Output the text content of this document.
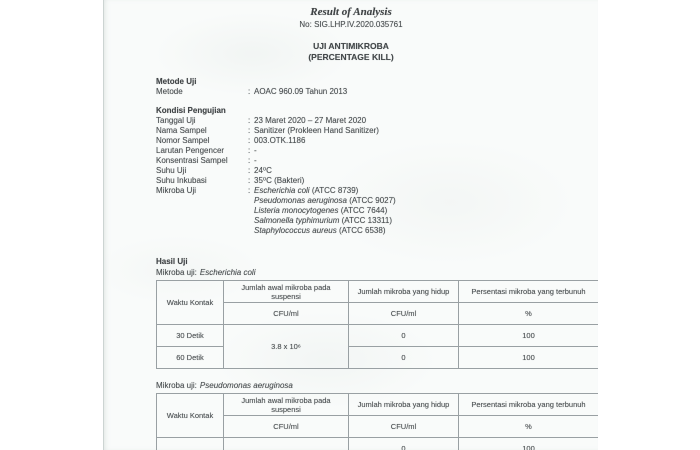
Result of Analysis
No: SIG.LHP.IV.2020.035761
UJI ANTIMIKROBA
(PERCENTAGE KILL)
Metode Uji
Metode	: AOAC 960.09 Tahun 2013
Kondisi Pengujian
Tanggal Uji	: 23 Maret 2020 – 27 Maret 2020
Nama Sampel	: Sanitizer (Prokleen Hand Sanitizer)
Nomor Sampel	: 003.OTK.1186
Larutan Pengencer	: -
Konsentrasi Sampel	: -
Suhu Uji	: 24⁰C
Suhu Inkubasi	: 35⁰C (Bakteri)
Mikroba Uji	: Escherichia coli (ATCC 8739)
Pseudomonas aeruginosa (ATCC 9027)
Listeria monocytogenes (ATCC 7644)
Salmonella typhimurium (ATCC 13311)
Staphylococcus aureus (ATCC 6538)
Hasil Uji
Mikroba uji: Escherichia coli
Waktu Kontak	Jumlah awal mikroba pada suspensi	Jumlah mikroba yang hidup	Persentasi mikroba yang terbunuh
	CFU/ml	CFU/ml	%
30 Detik	3.8 x 10⁶	0	100
60 Detik		0	100
Mikroba uji: Pseudomonas aeruginosa
Waktu Kontak	Jumlah awal mikroba pada suspensi	Jumlah mikroba yang hidup	Persentasi mikroba yang terbunuh
	CFU/ml	CFU/ml	%
		0	100
